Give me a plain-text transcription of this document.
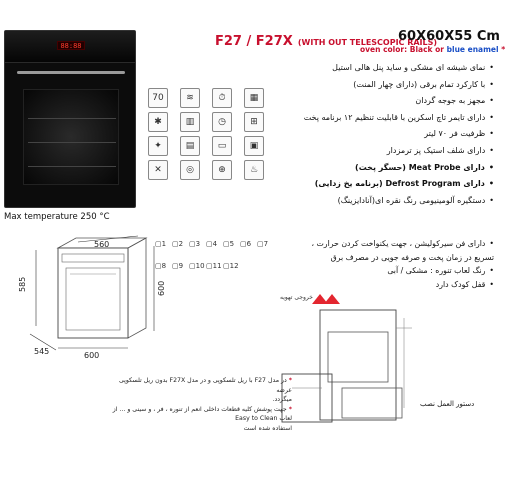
88:88
Max temperature 250 °C
F27 / F27X (WITH OUT TELESCOPIC RAILS)
60X60X55 Cm
oven color: Black or blue enamel *
70	≋	⏱	▦
✱	▥	◷	⊞
✦	▤	▭	▣
✕	◎	⊕	♨
• نمای شیشه ای مشکی و ساید پنل هالی استیل
• با کارکرد تمام برقی (دارای چهار المنت)
• مجهز به جوجه گردان
• دارای تایمر تاچ اسکرین با قابلیت تنظیم ۱۲ برنامه پخت
• ظرفیت فر ۷۰ لیتر
• دارای شلف استیک پز ترمزدار
• دارای Meat Probe (حسگر پخت)
• دارای Defrost Program (برنامه یخ زدایی)
• دستگیره آلومینیومی رنگ نقره ای(آنادایزینگ)
▢1 ▢2 ▢3 ▢4 ▢5 ▢6 ▢7
▢8 ▢9 ▢10▢11▢12
• دارای فن سیرکولیشن ، جهت یکنواخت کردن حرارت ،
تسریع در زمان پخت و صرفه جویی در مصرف برق
• رنگ لعاب تنوره : مشکی / آبی
• قفل کودک دارد
560
585
545	600
600
خروجی تهویه
دستور العمل نصب

*در مدل F27 با ریل تلسکوپی و در مدل F27X بدون ریل تلسکوپی عرضه

میگردد.

*جهت پوشش کلیه قطعات داخلی انعم از تنوره ، فر ، و سینی و ... از لعاب Easy to Clean

استفاده شده است
